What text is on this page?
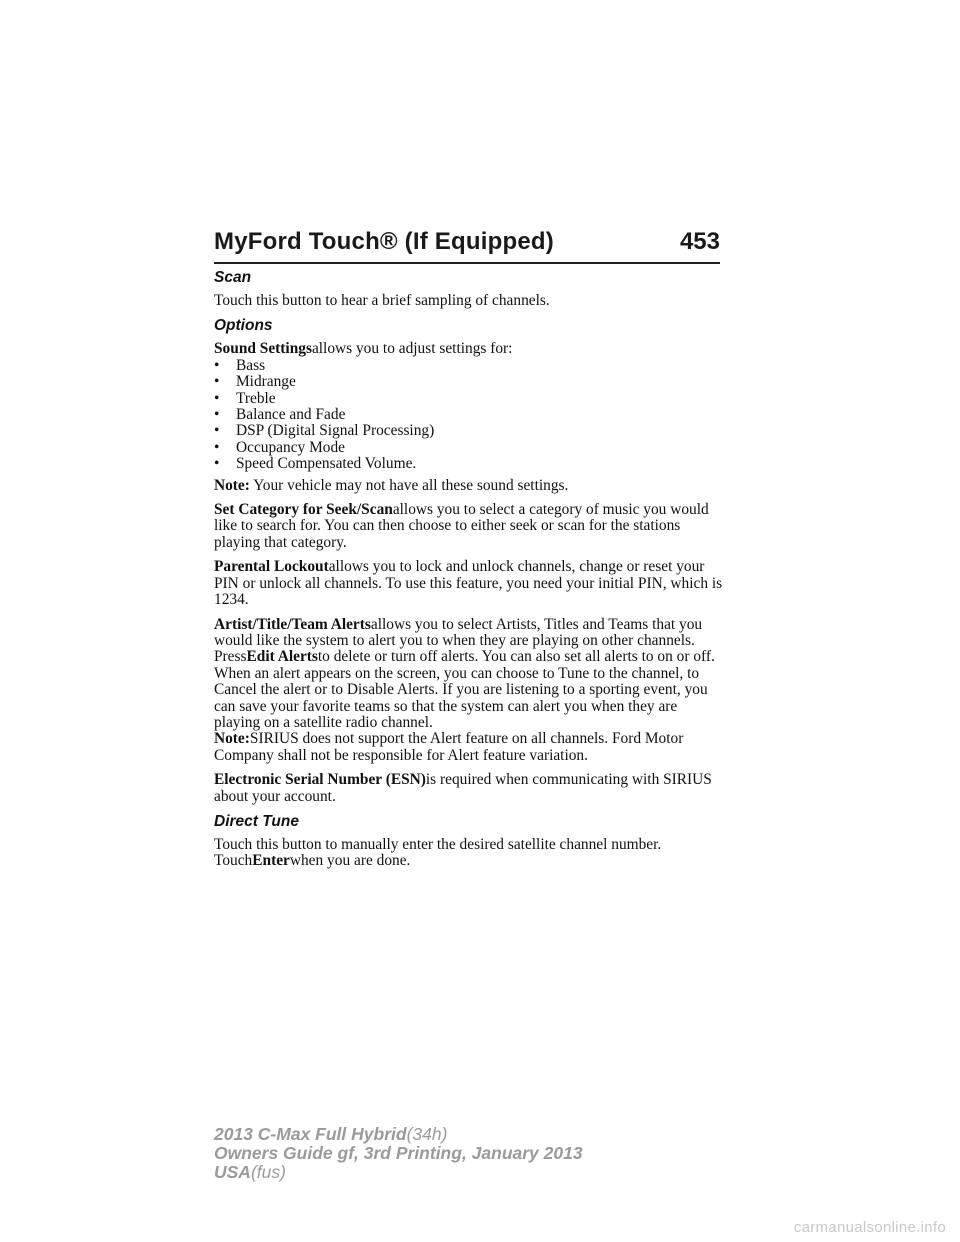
MyFord Touch® (If Equipped)	453
Scan

Touch this button to hear a brief sampling of channels.

Options

Sound Settingsallows you to adjust settings for:

• Bass
• Midrange
• Treble
• Balance and Fade
• DSP (Digital Signal Processing)
• Occupancy Mode
• Speed Compensated Volume.

Note: Your vehicle may not have all these sound settings.

Set Category for Seek/Scanallows you to select a category of music you would like to search for. You can then choose to either seek or scan for the stations playing that category.

Parental Lockoutallows you to lock and unlock channels, change or reset your PIN or unlock all channels. To use this feature, you need your initial PIN, which is 1234.

Artist/Title/Team Alertsallows you to select Artists, Titles and Teams that you would like the system to alert you to when they are playing on other channels. PressEdit Alertsto delete or turn off alerts. You can also set all alerts to on or off. When an alert appears on the screen, you can choose to Tune to the channel, to Cancel the alert or to Disable Alerts. If you are listening to a sporting event, you can save your favorite teams so that the system can alert you when they are playing on a satellite radio channel.

Note:SIRIUS does not support the Alert feature on all channels. Ford Motor Company shall not be responsible for Alert feature variation.

Electronic Serial Number (ESN)is required when communicating with SIRIUS about your account.

Direct Tune

Touch this button to manually enter the desired satellite channel number. TouchEnterwhen you are done.

2013 C-Max Full Hybrid(34h)
Owners Guide gf, 3rd Printing, January 2013
USA(fus)
carmanualsonline.info
